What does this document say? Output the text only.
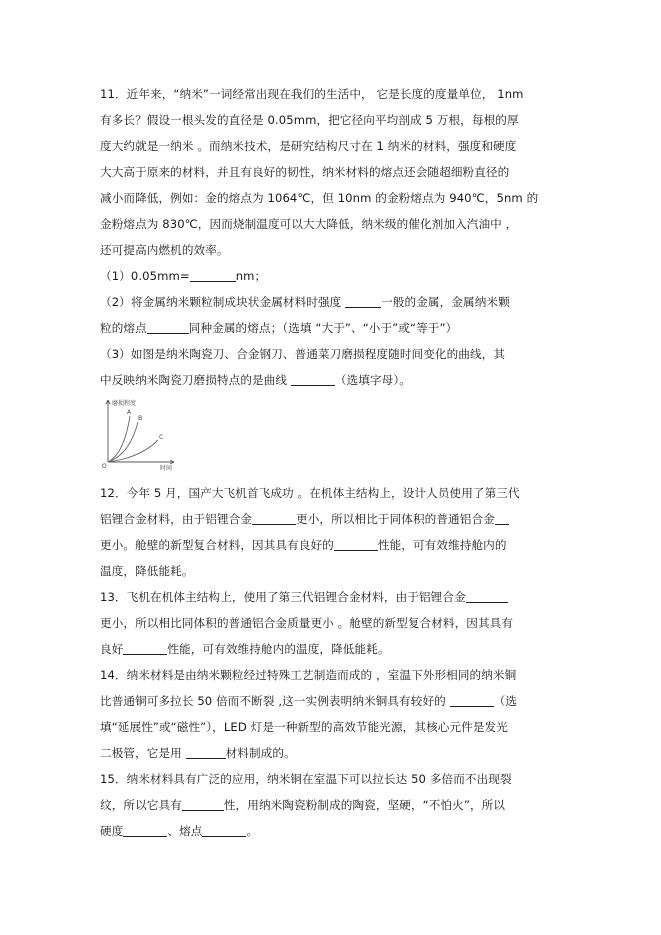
11．近年来，“纳米”一词经常出现在我们的生活中， 它是长度的度量单位， 1nm
有多长？假设一根头发的直径是 0.05mm，把它径向平均剖成 5 万根，每根的厚
度大约就是一纳米 。而纳米技术，是研究结构尺寸在 1 纳米的材料，强度和硬度
大大高于原来的材料，并且有良好的韧性，纳米材料的熔点还会随超细粉直径的
减小而降低，例如：金的熔点为 1064℃，但 10nm 的金粉熔点为 940℃，5nm 的
金粉熔点为 830℃，因而烧制温度可以大大降低，纳米级的催化剂加入汽油中 ，
还可提高内燃机的效率。
（1）0.05mm=	nm；
（2）将金属纳米颗粒制成块状金属材料时强度	一般的金属，金属纳米颗
粒的熔点	同种金属的熔点；（选填 “大于”、“小于”或“等于”）
（3）如图是纳米陶瓷刀、合金钢刀、普通菜刀磨损程度随时间变化的曲线，其
中反映纳米陶瓷刀磨损特点的是曲线	（选填字母）。
磨损程度
A
B
C
O	时间
12．今年 5 月，国产大飞机首飞成功 。在机体主结构上，设计人员使用了第三代
铝锂合金材料，由于铝锂合金	更小，所以相比于同体积的普通铝合金
更小。舱壁的新型复合材料，因其具有良好的	性能，可有效维持舱内的
温度，降低能耗。
13．飞机在机体主结构上，使用了第三代铝锂合金材料，由于铝锂合金
更小，所以相比同体积的普通铝合金质量更小 。舱壁的新型复合材料，因其具有
良好	性能，可有效维持舱内的温度，降低能耗。
14．纳米材料是由纳米颗粒经过特殊工艺制造而成的 ，室温下外形相同的纳米铜
比普通铜可多拉长 50 倍而不断裂 ,这一实例表明纳米铜具有较好的	（选
填“延展性”或“磁性”），LED 灯是一种新型的高效节能光源，其核心元件是发光
二极管，它是用	材料制成的。
15．纳米材料具有广泛的应用，纳米铜在室温下可以拉长达 50 多倍而不出现裂
纹，所以它具有	性，用纳米陶瓷粉制成的陶瓷，坚硬，“不怕火”，所以
硬度	、熔点	。
